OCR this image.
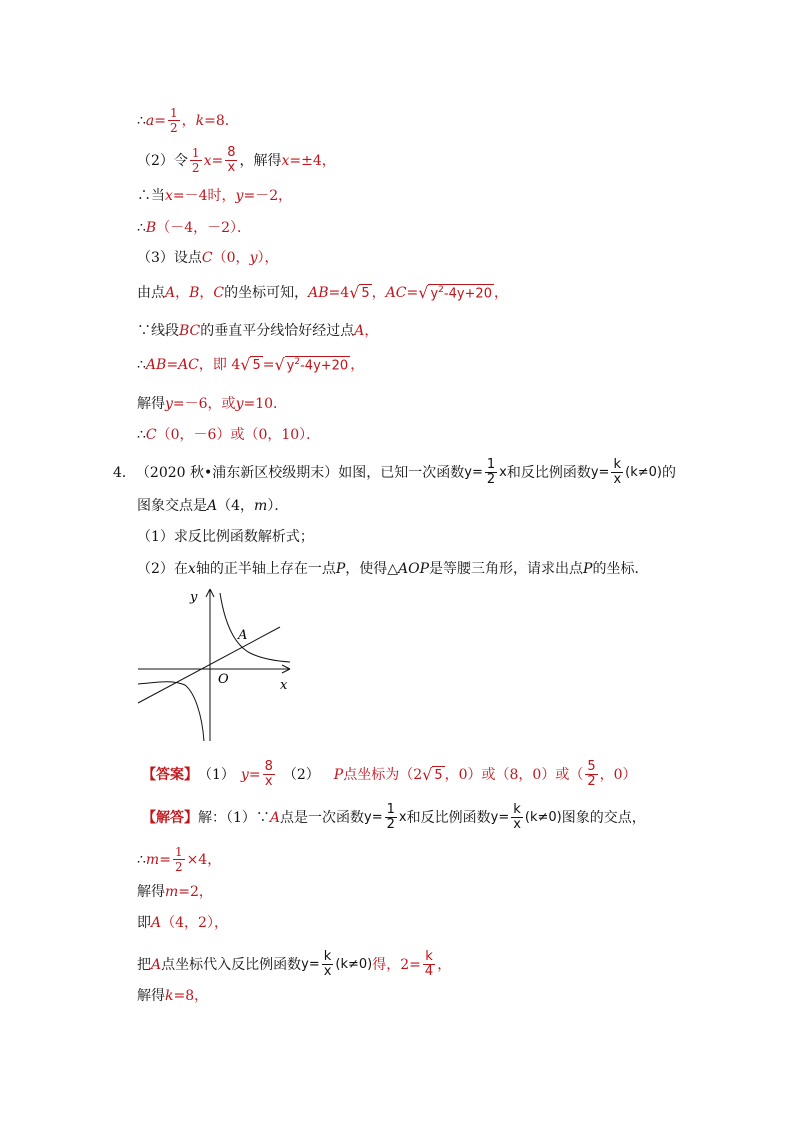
∴ $a = \frac{1}{2}$ ， k =8．
（2）令 $\frac{1}{2}$ $x = \frac{8}{x}$ ，解得 x =±4，
∴当 x =－4时， y =－2，
∴ B （－4，－2）．
（3）设点 C （0， y ），
由点 A ， B ， C 的坐标可知， AB =4 √ 5 ， AC = √ $y^2-4y+20$ ，
∵线段 BC 的垂直平分线恰好经过点 A ，
∴ AB = AC ，即 4 √ 5 = √ $y^2-4y+20$ ，
解得 y =－6，或 y =10．
∴ C （0，－6）或（0，10）．
4． （2020 秋•浦东新区校级期末）如图，已知一次函数 $y= \frac{1}{2}$ x 和反比例函数 $y= \frac{k}{x} (k\ne 0)$ 的
图象交点是 A （4， m ）．
（1）求反比例函数解析式；
（2）在 x 轴的正半轴上存在一点 P ，使得△ AOP 是等腰三角形，请求出点 P 的坐标．
y
x
O
A
【答案】 （1） $y = \frac{8}{x} (2)$ P 点坐标为（2 √ 5 ，0）或（8，0）或（ $\frac{5}{2}$ ，0）
【解答】 解：（1）∵ A 点是一次函数 $y= \frac{1}{2}$ x 和反比例函数 $y= \frac{k}{x} (k\ne 0)$ 图象的交点，
∴ $m = \frac{1}{2} \times 4$，
解得 m =2，
即 A （4，2），
把 A 点坐标代入反比例函数 $y= \frac{k}{x} (k\ne 0)$ 得，$2= \frac{k}{4}$ ，
解得 k =8，
